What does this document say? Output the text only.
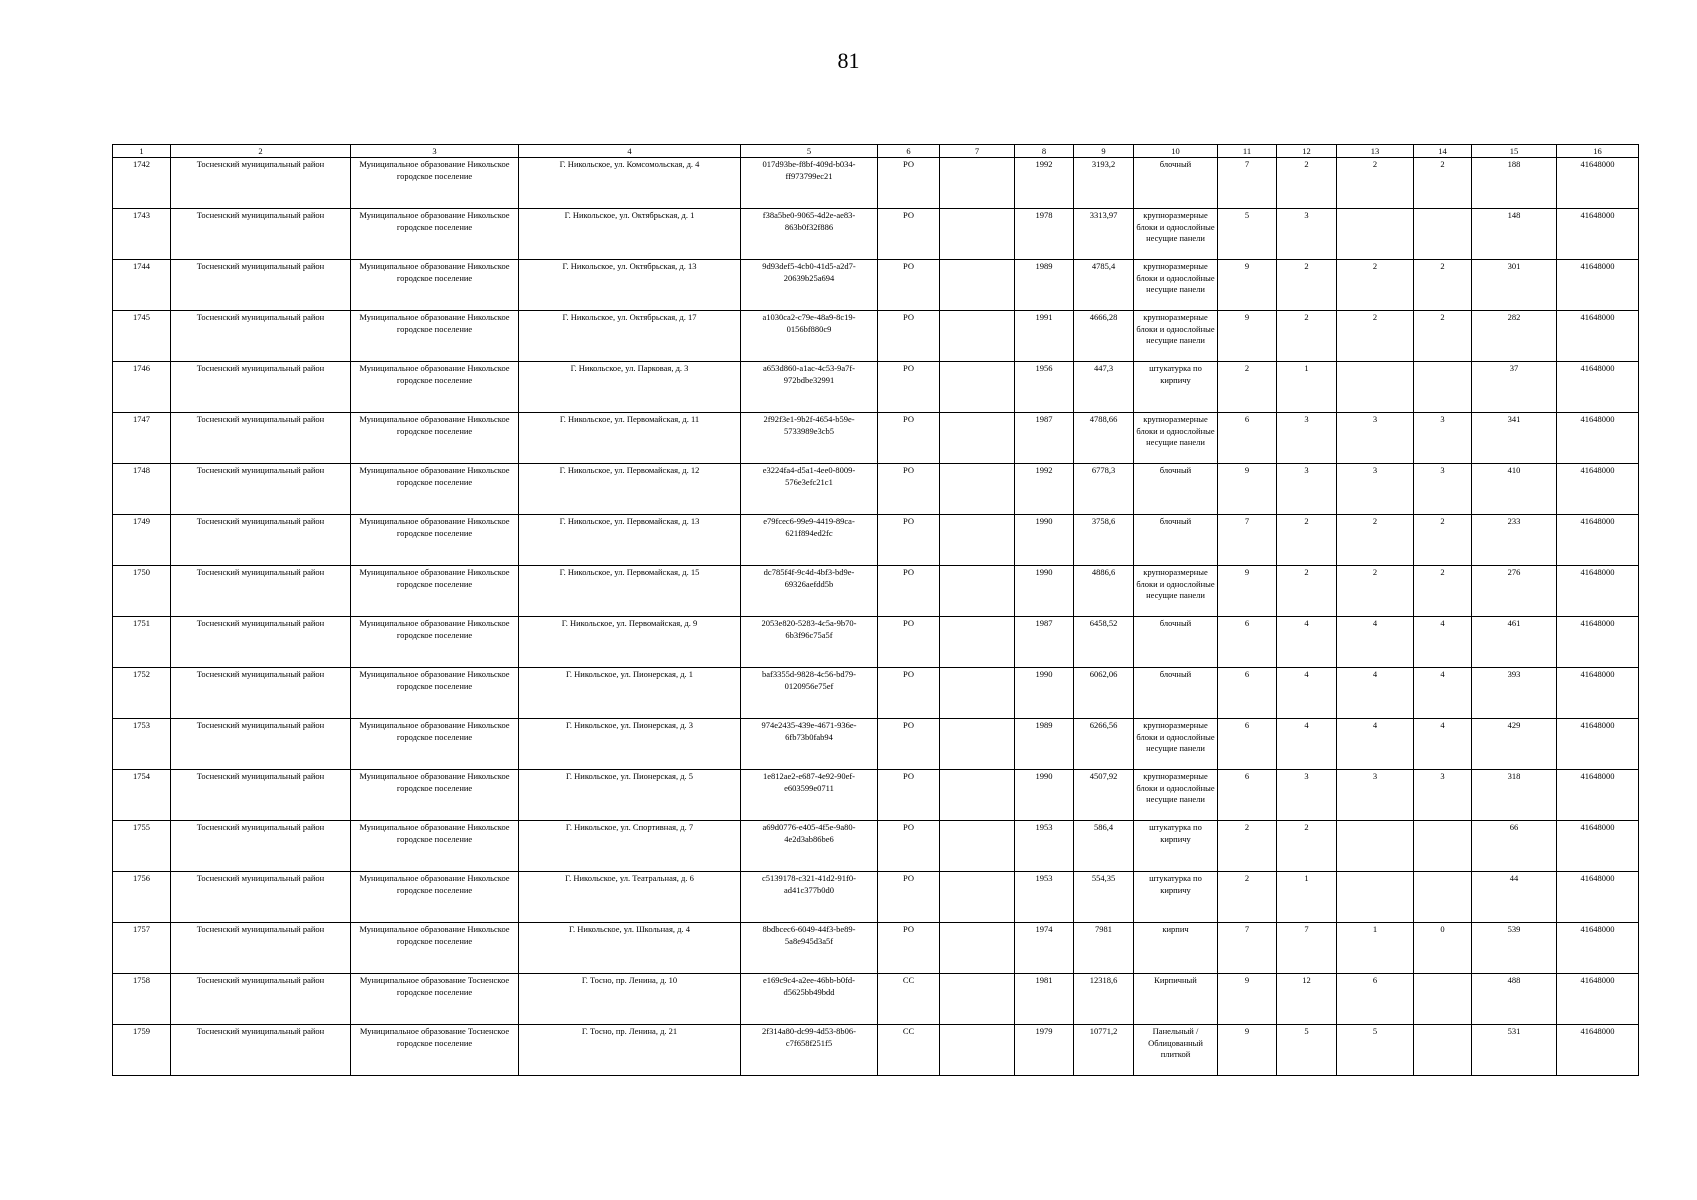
81
1	2	3	4	5	6	7	8	9	10	11	12	13	14	15	16
1742	Тосненский муниципальный район	Муниципальное образование Никольское городское поселение	Г. Никольское, ул. Комсомольская, д. 4	017d93be-f8bf-409d-b034-ff973799ec21	РО		1992	3193,2	блочный	7	2	2	2	188	41648000
1743	Тосненский муниципальный район	Муниципальное образование Никольское городское поселение	Г. Никольское, ул. Октябрьская, д. 1	f38a5be0-9065-4d2e-ae83-863b0f32f886	РО		1978	3313,97	крупноразмерные блоки и однослойные несущие панели	5	3			148	41648000
1744	Тосненский муниципальный район	Муниципальное образование Никольское городское поселение	Г. Никольское, ул. Октябрьская, д. 13	9d93def5-4cb0-41d5-a2d7-20639b25a694	РО		1989	4785,4	крупноразмерные блоки и однослойные несущие панели	9	2	2	2	301	41648000
1745	Тосненский муниципальный район	Муниципальное образование Никольское городское поселение	Г. Никольское, ул. Октябрьская, д. 17	a1030ca2-c79e-48a9-8c19-0156bf880c9	РО		1991	4666,28	крупноразмерные блоки и однослойные несущие панели	9	2	2	2	282	41648000
1746	Тосненский муниципальный район	Муниципальное образование Никольское городское поселение	Г. Никольское, ул. Парковая, д. 3	a653d860-a1ac-4c53-9a7f-972bdbe32991	РО		1956	447,3	штукатурка по кирпичу	2	1			37	41648000
1747	Тосненский муниципальный район	Муниципальное образование Никольское городское поселение	Г. Никольское, ул. Первомайская, д. 11	2f92f3e1-9b2f-4654-b59e-5733989e3cb5	РО		1987	4788,66	крупноразмерные блоки и однослойные несущие панели	6	3	3	3	341	41648000
1748	Тосненский муниципальный район	Муниципальное образование Никольское городское поселение	Г. Никольское, ул. Первомайская, д. 12	e3224fa4-d5a1-4ee0-8009-576e3efc21c1	РО		1992	6778,3	блочный	9	3	3	3	410	41648000
1749	Тосненский муниципальный район	Муниципальное образование Никольское городское поселение	Г. Никольское, ул. Первомайская, д. 13	e79fcec6-99e9-4419-89ca-621f894ed2fc	РО		1990	3758,6	блочный	7	2	2	2	233	41648000
1750	Тосненский муниципальный район	Муниципальное образование Никольское городское поселение	Г. Никольское, ул. Первомайская, д. 15	dc785f4f-9c4d-4bf3-bd9e-69326aefdd5b	РО		1990	4886,6	крупноразмерные блоки и однослойные несущие панели	9	2	2	2	276	41648000
1751	Тосненский муниципальный район	Муниципальное образование Никольское городское поселение	Г. Никольское, ул. Первомайская, д. 9	2053e820-5283-4c5a-9b70-6b3f96c75a5f	РО		1987	6458,52	блочный	6	4	4	4	461	41648000
1752	Тосненский муниципальный район	Муниципальное образование Никольское городское поселение	Г. Никольское, ул. Пионерская, д. 1	baf3355d-9828-4c56-bd79-0120956e75ef	РО		1990	6062,06	блочный	6	4	4	4	393	41648000
1753	Тосненский муниципальный район	Муниципальное образование Никольское городское поселение	Г. Никольское, ул. Пионерская, д. 3	974e2435-439e-4671-936e-6fb73b0fab94	РО		1989	6266,56	крупноразмерные блоки и однослойные несущие панели	6	4	4	4	429	41648000
1754	Тосненский муниципальный район	Муниципальное образование Никольское городское поселение	Г. Никольское, ул. Пионерская, д. 5	1e812ae2-e687-4e92-90ef-e603599e0711	РО		1990	4507,92	крупноразмерные блоки и однослойные несущие панели	6	3	3	3	318	41648000
1755	Тосненский муниципальный район	Муниципальное образование Никольское городское поселение	Г. Никольское, ул. Спортивная, д. 7	a69d0776-e405-4f5e-9a80-4e2d3ab86be6	РО		1953	586,4	штукатурка по кирпичу	2	2			66	41648000
1756	Тосненский муниципальный район	Муниципальное образование Никольское городское поселение	Г. Никольское, ул. Театральная, д. 6	c5139178-c321-41d2-91f0-ad41c377b0d0	РО		1953	554,35	штукатурка по кирпичу	2	1			44	41648000
1757	Тосненский муниципальный район	Муниципальное образование Никольское городское поселение	Г. Никольское, ул. Школьная, д. 4	8bdbcec6-6049-44f3-be89-5a8e945d3a5f	РО		1974	7981	кирпич	7	7	1	0	539	41648000
1758	Тосненский муниципальный район	Муниципальное образование Тосненское городское поселение	Г. Тосно, пр. Ленина, д. 10	e169c9c4-a2ee-46bb-b0fd-d5625bb49bdd	СС		1981	12318,6	Кирпичный	9	12	6		488	41648000
1759	Тосненский муниципальный район	Муниципальное образование Тосненское городское поселение	Г. Тосно, пр. Ленина, д. 21	2f314a80-dc99-4d53-8b06-c7f658f251f5	СС		1979	10771,2	Панельный / Облицованный плиткой	9	5	5		531	41648000
